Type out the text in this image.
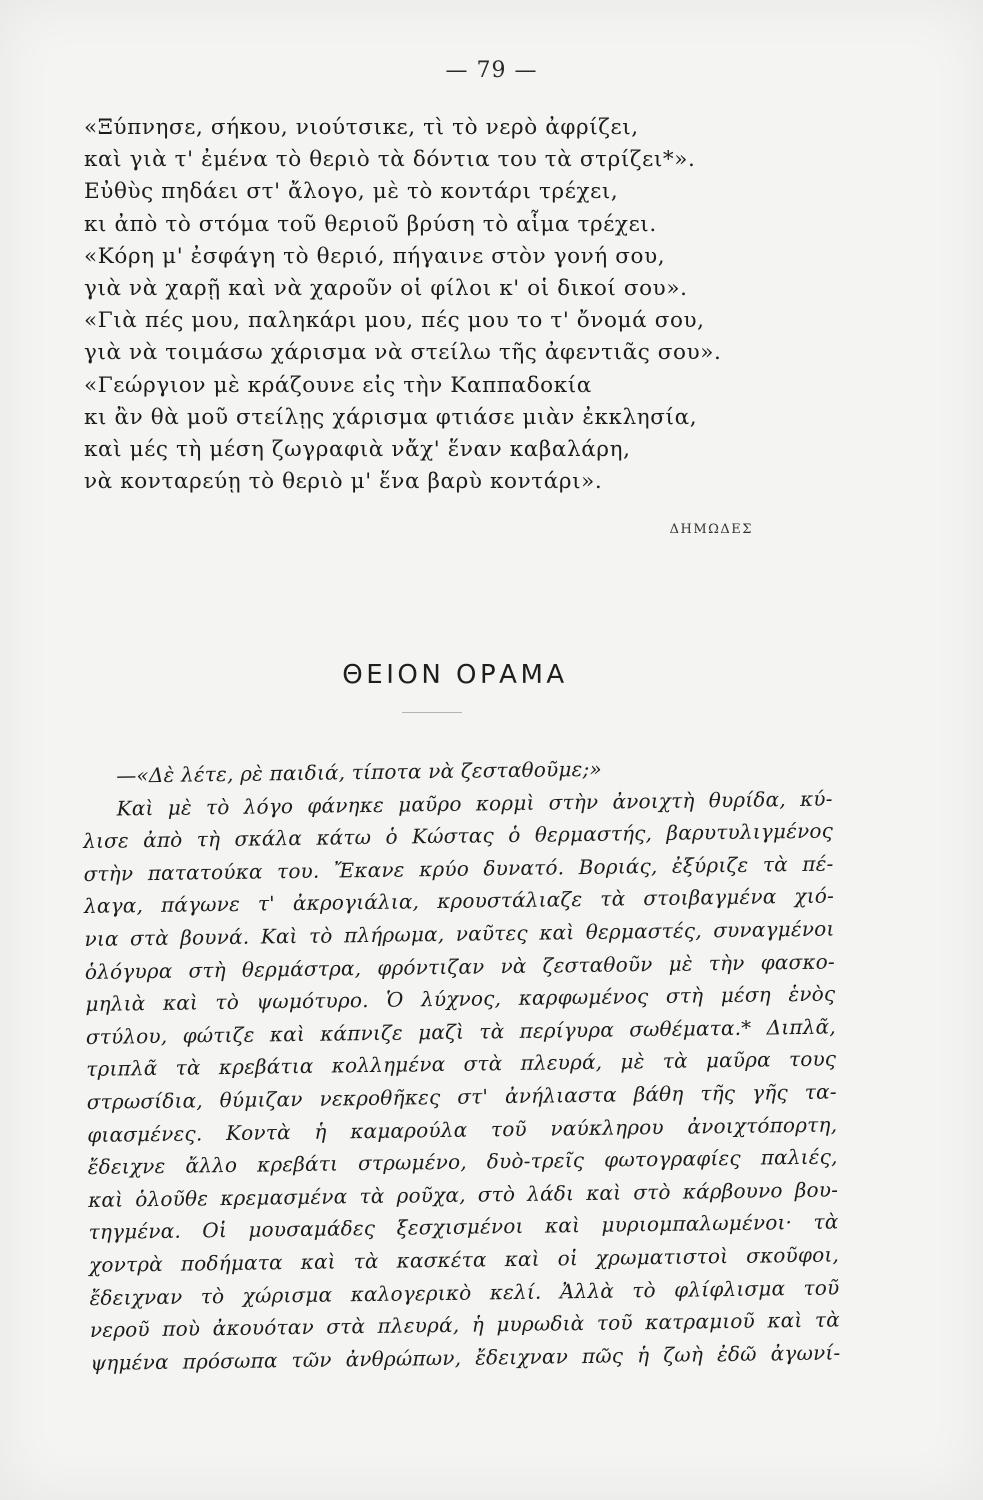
— 79 —
«Ξύπνησε, σήκου, νιούτσικε, τὶ τὸ νερὸ ἀφρίζει,
καὶ γιὰ τ' ἐμένα τὸ θεριὸ τὰ δόντια του τὰ στρίζει*».
Εὐθὺς πηδάει στ' ἄλογο, μὲ τὸ κοντάρι τρέχει,
κι ἀπὸ τὸ στόμα τοῦ θεριοῦ βρύση τὸ αἷμα τρέχει.
«Κόρη μ' ἐσφάγη τὸ θεριό, πήγαινε στὸν γονή σου,
γιὰ νὰ χαρῇ καὶ νὰ χαροῦν οἱ φίλοι κ' οἱ δικοί σου».
«Γιὰ πές μου, παληκάρι μου, πές μου το τ' ὄνομά σου,
γιὰ νὰ τοιμάσω χάρισμα νὰ στείλω τῆς ἀφεντιᾶς σου».
«Γεώργιον μὲ κράζουνε εἰς τὴν Καππαδοκία
κι ἂν θὰ μοῦ στείλῃς χάρισμα φτιάσε μιὰν ἐκκλησία,
καὶ μές τὴ μέση ζωγραφιὰ νἄχ' ἕναν καβαλάρη,
νὰ κονταρεύῃ τὸ θεριὸ μ' ἕνα βαρὺ κοντάρι».
ΔΗΜΩΔΕΣ
ΘΕΙΟΝ ΟΡΑΜΑ
—«Δὲ λέτε, ρὲ παιδιά, τίποτα νὰ ζεσταθοῦμε;»
Καὶ μὲ τὸ λόγο φάνηκε μαῦρο κορμὶ στὴν ἀνοιχτὴ θυρίδα, κύ-
λισε ἀπὸ τὴ σκάλα κάτω ὁ Κώστας ὁ θερμαστής, βαρυτυλιγμένος
στὴν πατατούκα του. Ἔκανε κρύο δυνατό. Βοριάς, ἐξύριζε τὰ πέ-
λαγα, πάγωνε τ' ἀκρογιάλια, κρουστάλιαζε τὰ στοιβαγμένα χιό-
νια στὰ βουνά. Καὶ τὸ πλήρωμα, ναῦτες καὶ θερμαστές, συναγμένοι
ὁλόγυρα στὴ θερμάστρα, φρόντιζαν νὰ ζεσταθοῦν μὲ τὴν φασκο-
μηλιὰ καὶ τὸ ψωμότυρο. Ὁ λύχνος, καρφωμένος στὴ μέση ἑνὸς
στύλου, φώτιζε καὶ κάπνιζε μαζὶ τὰ περίγυρα σωθέματα.* Διπλᾶ,
τριπλᾶ τὰ κρεβάτια κολλημένα στὰ πλευρά, μὲ τὰ μαῦρα τους
στρωσίδια, θύμιζαν νεκροθῆκες στ' ἀνήλιαστα βάθη τῆς γῆς τα-
φιασμένες. Κοντὰ ἡ καμαρούλα τοῦ ναύκληρου ἀνοιχτόπορτη,
ἔδειχνε ἄλλο κρεβάτι στρωμένο, δυὸ-τρεῖς φωτογραφίες παλιές,
καὶ ὁλοῦθε κρεμασμένα τὰ ροῦχα, στὸ λάδι καὶ στὸ κάρβουνο βου-
τηγμένα. Οἱ μουσαμάδες ξεσχισμένοι καὶ μυριομπαλωμένοι· τὰ
χοντρὰ ποδήματα καὶ τὰ κασκέτα καὶ οἱ χρωματιστοὶ σκοῦφοι,
ἔδειχναν τὸ χώρισμα καλογερικὸ κελί. Ἀλλὰ τὸ φλίφλισμα τοῦ
νεροῦ ποὺ ἀκουόταν στὰ πλευρά, ἡ μυρωδιὰ τοῦ κατραμιοῦ καὶ τὰ
ψημένα πρόσωπα τῶν ἀνθρώπων, ἔδειχναν πῶς ἡ ζωὴ ἐδῶ ἀγωνί-
